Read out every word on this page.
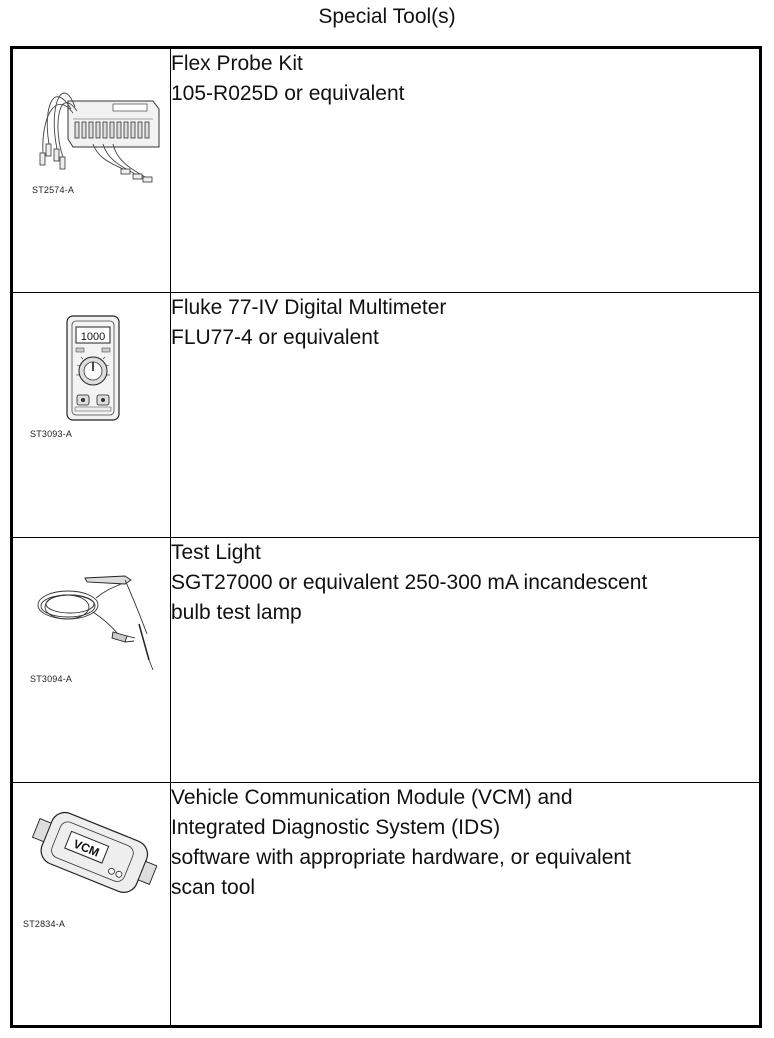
Special Tool(s)
ST2574-A	Flex Probe Kit
105-R025D or equivalent

1000
ST3093-A	Fluke 77-IV Digital Multimeter
FLU77-4 or equivalent

ST3094-A	Test Light
SGT27000 or equivalent 250-300 mA incandescent
bulb test lamp

VCM
ST2834-A	Vehicle Communication Module (VCM) and
Integrated Diagnostic System (IDS)
software with appropriate hardware, or equivalent
scan tool
